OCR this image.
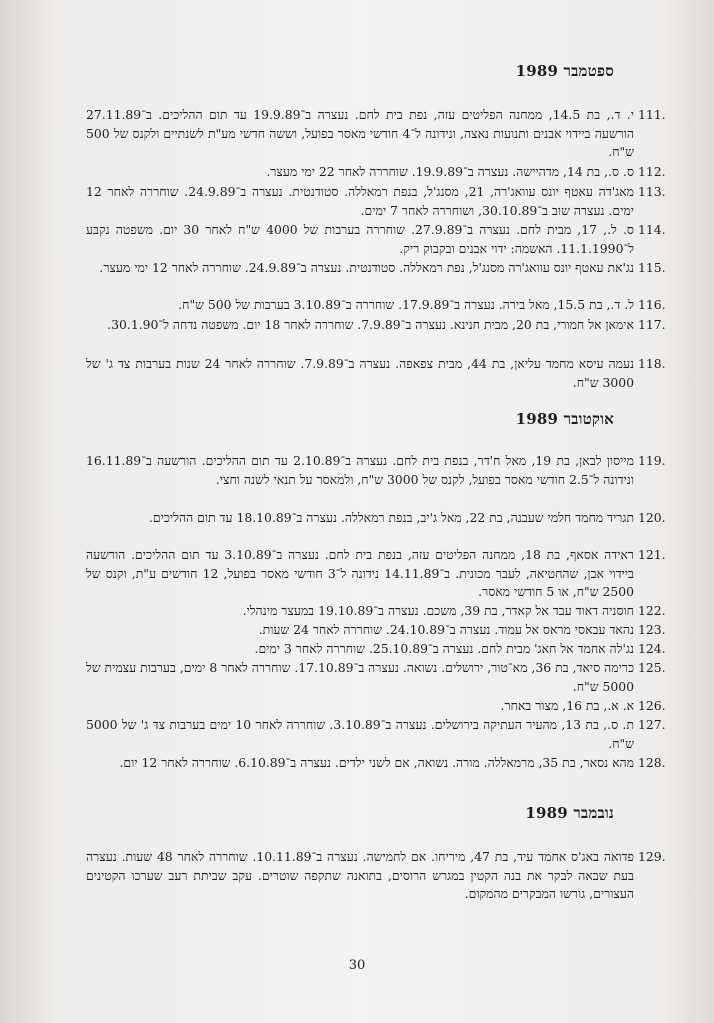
ספטמבר 1989
111.
י. ד., בת 14.5, ממחנה הפליטים עזה, נפת בית לחם. נעצרה ב־19.9.89 עד תום ההליכים. ב־27.11.89 הורשעה ביידוי אבנים ותנועות נאצה, ונידונה ל־4 חודשי מאסר בפועל, וששה חדשי מע"ת לשנתיים ולקנס של 500 ש"ח.
112.
ס. ס., בת 14, מדהיישה. נעצרה ב־19.9.89. שוחררה לאחר 22 ימי מעצר.
113.
מאג'דה עאטף יונס עוואג'רה, 21, מסנג'ל, בנפת רמאללה. סטודנטית. נעצרה ב־24.9.89. שוחררה לאחר 12 ימים. נעצרה שוב ב־30.10.89, ושוחררה לאחר 7 ימים.
114.
ס. ל., 17, מבית לחם. נעצרה ב־27.9.89. שוחררה בערבות של 4000 ש"ח לאחר 30 יום. משפטה נקבע ל־11.1.1990. האשמה: ידוי אבנים ובקבוק ריק.
115.
נג'את עאטף יונס עוואג'רה מסנג'ל, נפת רמאללה. סטודנטית. נעצרה ב־24.9.89. שוחררה לאחר 12 ימי מעצר.
116.
ל. ד., בת 15.5, מאל בירה. נעצרה ב־17.9.89. שוחררה ב־3.10.89 בערבות של 500 ש"ח.
117.
אימאן אל חמורי, בת 20, מבית חנינא. נעצרה ב־7.9.89. שוחררה לאחר 18 יום. משפטה נדחה ל־30.1.90.
118.
נעמה עיסא מחמד עליאן, בת 44, מבית צפאפה. נעצרה ב־7.9.89. שוחררה לאחר 24 שנות בערבות צד ג' של 3000 ש"ח.
אוקטובר 1989
119.
מייסון לבאן, בת 19, מאל ח'דר, בנפת בית לחם. נעצרה ב־2.10.89 עד תום ההליכים. הורשעה ב־16.11.89 ונידונה ל־2.5 חודשי מאסר בפועל, לקנס של 3000 ש"ח, ולמאסר על תנאי לשנה וחצי.
120.
תגריד מחמד חלמי שעבנה, בת 22, מאל ג'יב, בנפת רמאללה. נעצרה ב־18.10.89 עד תום ההליכים.
121.
ראידה אסאף, בת 18, ממחנה הפליטים עזה, בנפת בית לחם. נעצרה ב־3.10.89 עד תום ההליכים. הורשעה ביידוי אבן, שהחטיאה, לעבר מכונית. ב־14.11.89 נידונה ל־3 חודשי מאסר בפועל, 12 חודשים ע"ת, וקנס של 2500 ש"ח, או 5 חודשי מאסר.
122.
חוסניה דאוד עבד אל קאדר, בת 39, משכם. נעצרה ב־19.10.89 במעצר מינהלי.
123.
נהאד עבאסי מראס אל עמוד. נעצרה ב־24.10.89. שוחררה לאחר 24 שעות.
124.
נג'לה אחמד אל חאג' מבית לחם. נעצרה ב־25.10.89. שוחררה לאחר 3 ימים.
125.
כרימה סיאד, בת 36, מא־טור, ירושלים. נשואה. נעצרה ב־17.10.89. שוחררה לאחר 8 ימים, בערבות עצמית של 5000 ש"ח.
126.
א. א., בת 16, מצור באחר.
127.
ת. ס., בת 13, מהעיר העתיקה בירושלים. נעצרה ב־3.10.89. שוחררה לאחר 10 ימים בערבות צד ג' של 5000 ש"ח.
128.
מהא נסאר, בת 35, מרמאללה. מורה. נשואה, אם לשני ילדים. נעצרה ב־6.10.89. שוחררה לאחר 12 יום.
נובמבר 1989
129.
פדואה באג'ס אחמד עיד, בת 47, מיריחו. אם לחמישה. נעצרה ב־10.11.89. שוחררה לאחר 48 שעות. נעצרה בעת שבאה לבקר את בנה הקטין במגרש הרוסים, בתואנה שתקפה שוטרים. עקב שביתת רעב שערכו הקטינים העצורים, גורשו המבקרים מהמקום.
30
